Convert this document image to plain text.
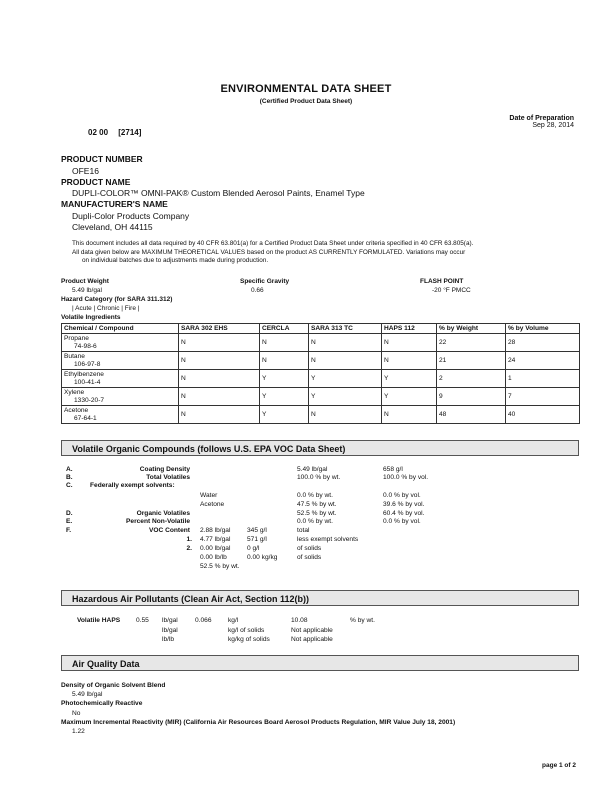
ENVIRONMENTAL DATA SHEET
(Certified Product Data Sheet)
Date of Preparation
Sep 28, 2014
02 00 [2714]
PRODUCT NUMBER
OFE16
PRODUCT NAME
DUPLI-COLOR™ OMNI-PAK® Custom Blended Aerosol Paints, Enamel Type
MANUFACTURER'S NAME
Dupli-Color Products Company
Cleveland, OH 44115
This document includes all data required by 40 CFR 63.801(a) for a Certified Product Data Sheet under criteria specified in 40 CFR 63.805(a).
All data given below are MAXIMUM THEORETICAL VALUES based on the product AS CURRENTLY FORMULATED. Variations may occur
on individual batches due to adjustments made during production.
Product Weight
5.49 lb/gal
Specific Gravity
0.66
FLASH POINT
-20 °F PMCC
Hazard Category (for SARA 311.312)
| Acute | Chronic | Fire |
Volatile Ingredients
Chemical / Compound	SARA 302 EHS	CERCLA	SARA 313 TC	HAPS 112	% by Weight	% by Volume
Propane
74-98-6	N	N	N	N	22	28
Butane
106-97-8	N	N	N	N	21	24
Ethylbenzene
100-41-4	N	Y	Y	Y	2	1
Xylene
1330-20-7	N	Y	Y	Y	9	7
Acetone
67-64-1	N	Y	N	N	48	40
Volatile Organic Compounds (follows U.S. EPA VOC Data Sheet)
A.	Coating Density	5.49 lb/gal	658 g/l
B.	Total Volatiles	100.0 % by wt.	100.0 % by vol.
C.	Federally exempt solvents:
Water	0.0 % by wt.	0.0 % by vol.
Acetone	47.5 % by wt.	39.6 % by vol.
D.	Organic Volatiles	52.5 % by wt.	60.4 % by vol.
E.	Percent Non-Volatile	0.0 % by wt.	0.0 % by vol.
F.	VOC Content 2.88 lb/gal	345 g/l	total
1. 4.77 lb/gal	571 g/l	less exempt solvents
2. 0.00 lb/gal	0 g/l	of solids
0.00 lb/lb	0.00 kg/kg	of solids
52.5 % by wt.
Hazardous Air Pollutants (Clean Air Act, Section 112(b))
Volatile HAPS 0.55 lb/gal	0.066 kg/l	10.08	% by wt.
lb/gal	kg/l of solids	Not applicable
lb/lb	kg/kg of solids	Not applicable
Air Quality Data
Density of Organic Solvent Blend
5.49 lb/gal
Photochemically Reactive
No
Maximum Incremental Reactivity (MIR) (California Air Resources Board Aerosol Products Regulation, MIR Value July 18, 2001)
1.22
page 1 of 2
